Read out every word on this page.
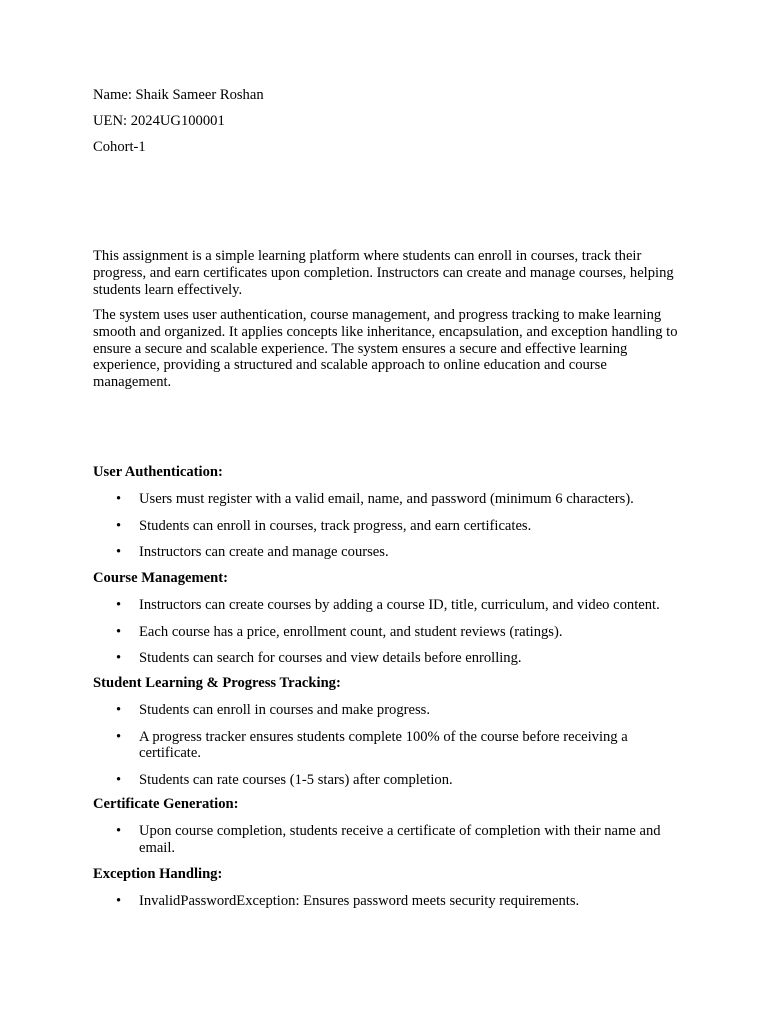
Name: Shaik Sameer Roshan

UEN: 2024UG100001

Cohort-1

This assignment is a simple learning platform where students can enroll in courses, track their progress, and earn certificates upon completion. Instructors can create and manage courses, helping students learn effectively.

The system uses user authentication, course management, and progress tracking to make learning smooth and organized. It applies concepts like inheritance, encapsulation, and exception handling to ensure a secure and scalable experience. The system ensures a secure and effective learning experience, providing a structured and scalable approach to online education and course management.

User Authentication:
• Users must register with a valid email, name, and password (minimum 6 characters).
• Students can enroll in courses, track progress, and earn certificates.
• Instructors can create and manage courses.
Course Management:
• Instructors can create courses by adding a course ID, title, curriculum, and video content.
• Each course has a price, enrollment count, and student reviews (ratings).
• Students can search for courses and view details before enrolling.
Student Learning & Progress Tracking:
• Students can enroll in courses and make progress.
• A progress tracker ensures students complete 100% of the course before receiving a certificate.
• Students can rate courses (1-5 stars) after completion.
Certificate Generation:
• Upon course completion, students receive a certificate of completion with their name and email.
Exception Handling:
• InvalidPasswordException: Ensures password meets security requirements.
